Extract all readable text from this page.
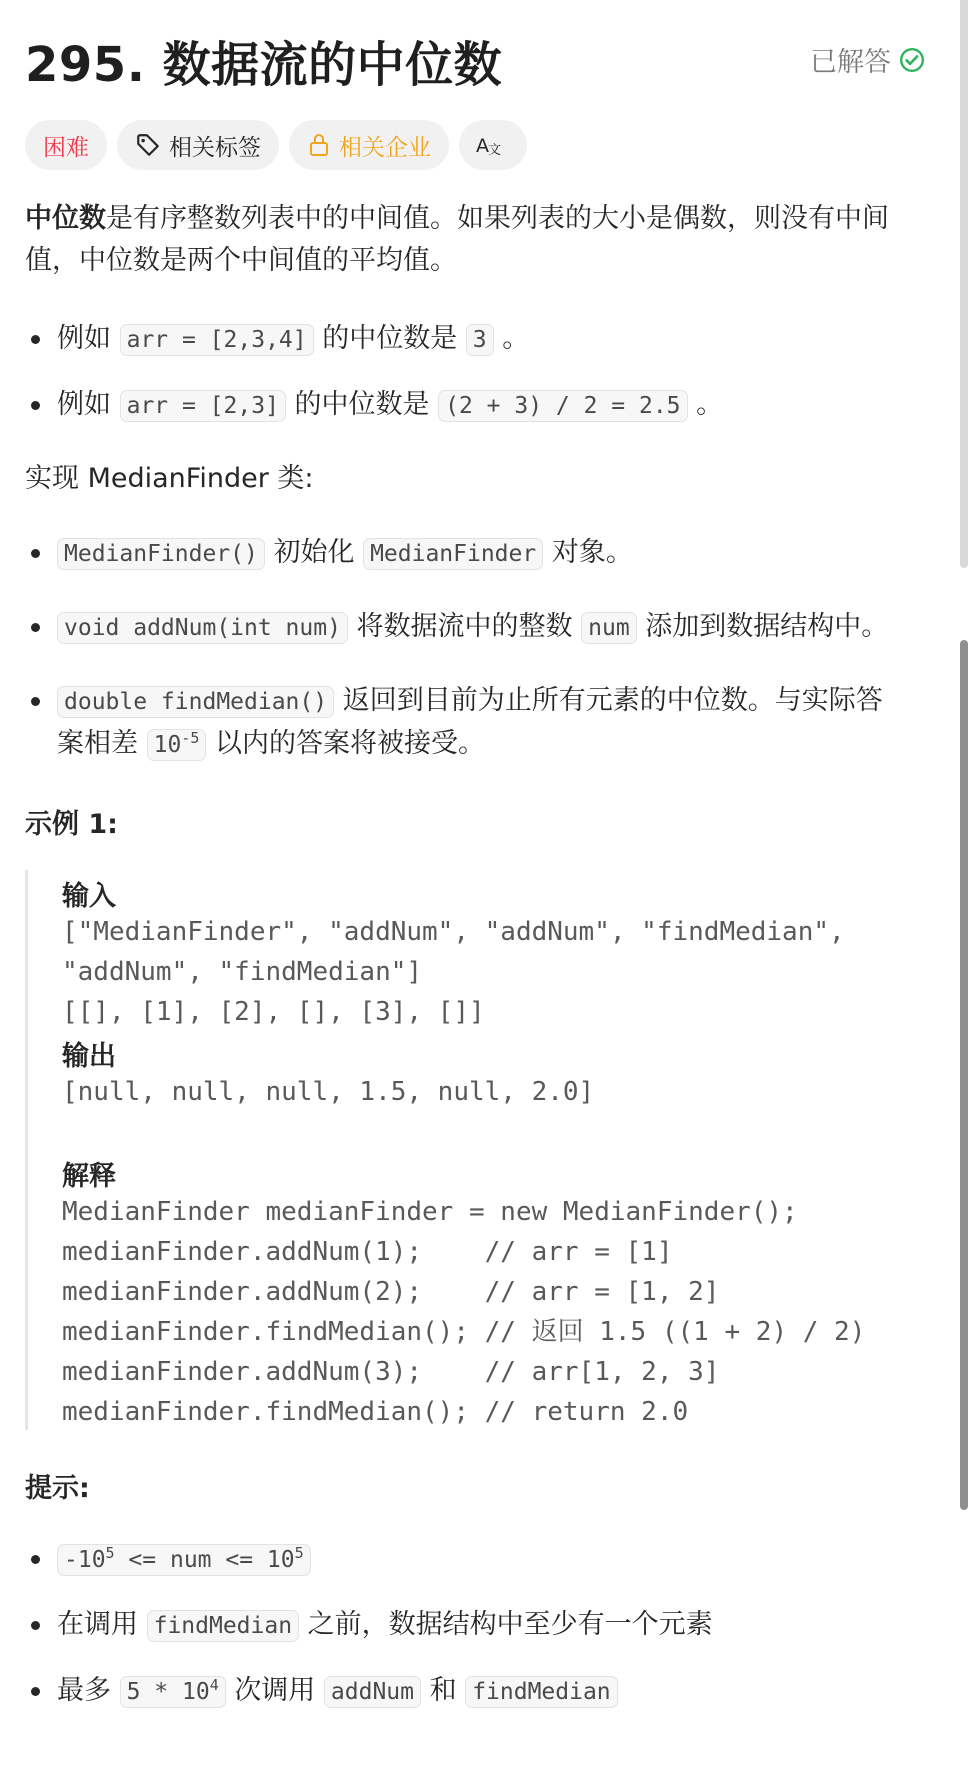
295. 数据流的中位数	已解答
困难	相关标签	相关企业 A 文
中位数是有序整数列表中的中间值。如果列表的大小是偶数，则没有中间值，中位数是两个中间值的平均值。
例如 arr = [2,3,4] 的中位数是 3 。
例如 arr = [2,3] 的中位数是 (2 + 3) / 2 = 2.5 。
实现 MedianFinder 类:
MedianFinder() 初始化 MedianFinder 对象。
void addNum(int num) 将数据流中的整数 num 添加到数据结构中。
double findMedian() 返回到目前为止所有元素的中位数。与实际答案相差 $10^{-5}$ 以内的答案将被接受。
示例 1:
输入
["MedianFinder", "addNum", "addNum", "findMedian",
"addNum", "findMedian"]
[[], [1], [2], [], [3], []]
输出
[null, null, null, 1.5, null, 2.0]
解释
MedianFinder medianFinder = new MedianFinder();
medianFinder.addNum(1);    // arr = [1]
medianFinder.addNum(2);    // arr = [1, 2]
medianFinder.findMedian(); // 返回 1.5 ((1 + 2) / 2)
medianFinder.addNum(3);    // arr[1, 2, 3]
medianFinder.findMedian(); // return 2.0
提示:
$-10^5$ <= num <= $10^5$
在调用 findMedian 之前，数据结构中至少有一个元素
最多 $5 * 10^4$ 次调用 addNum 和 findMedian
